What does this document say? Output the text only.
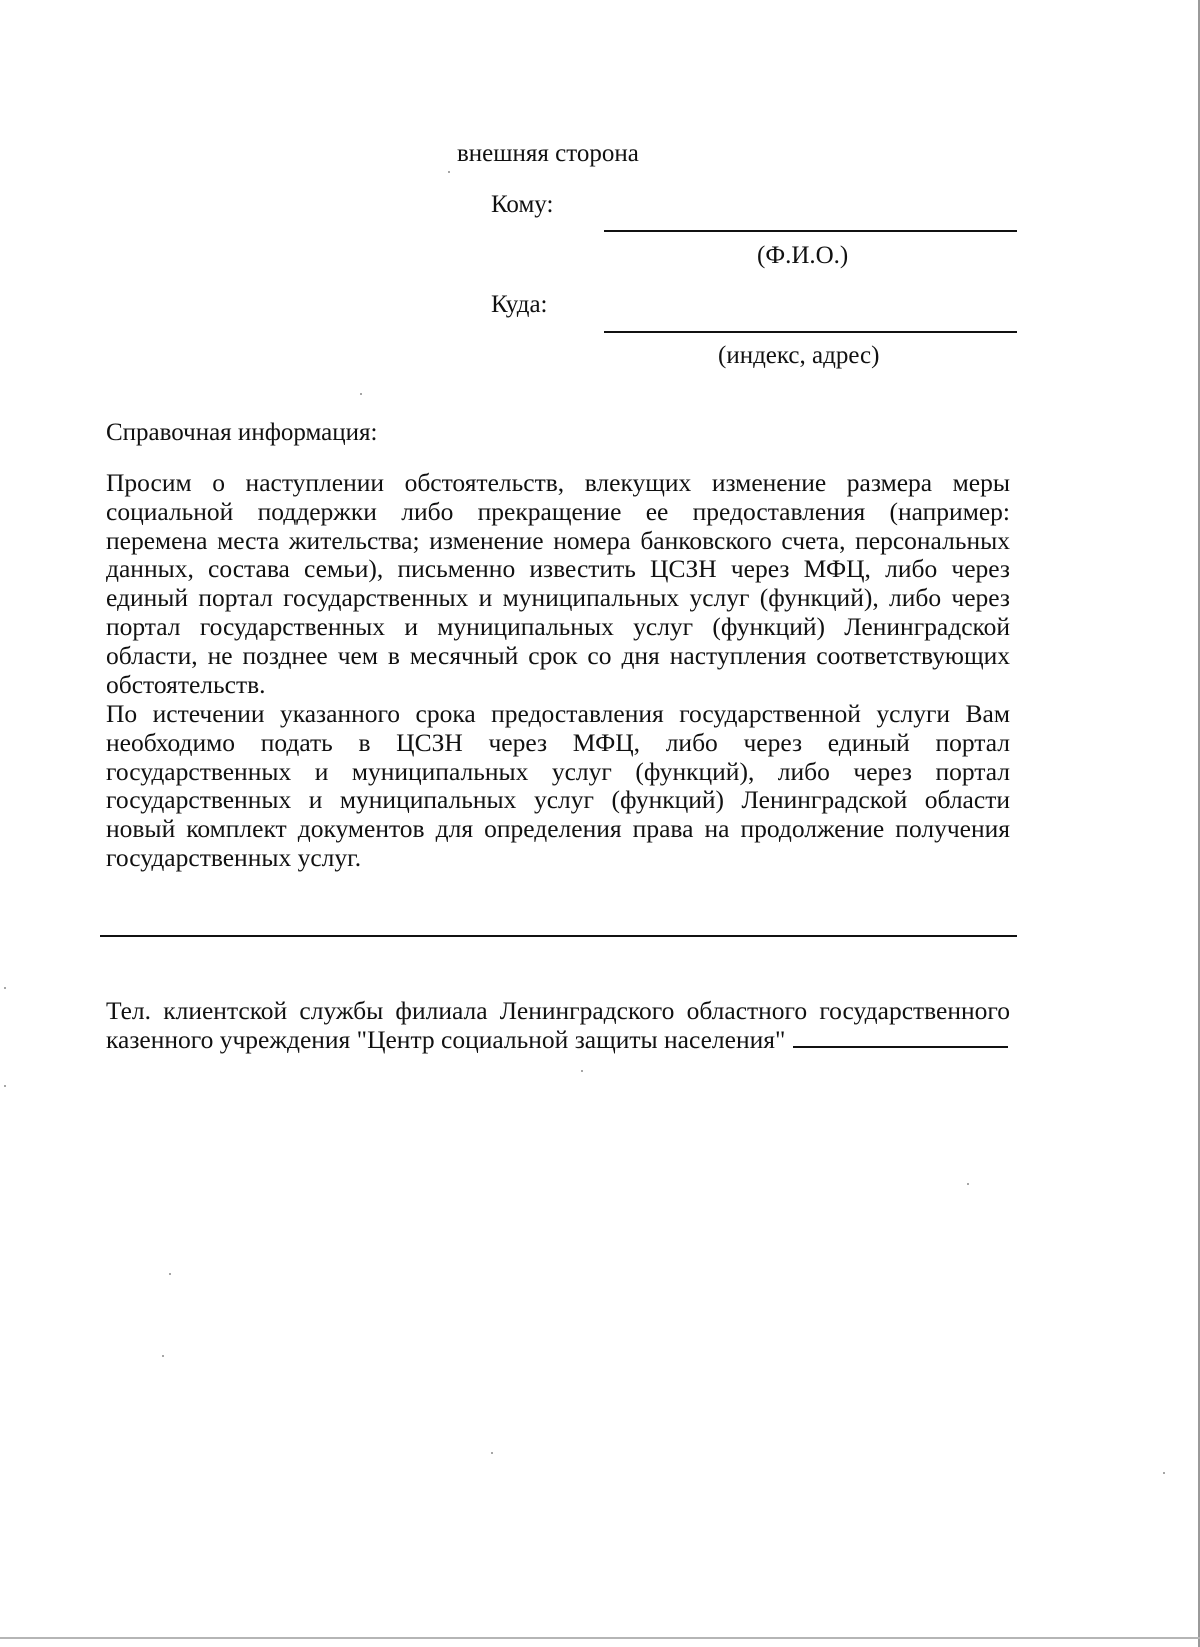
внешняя сторона
Кому:
(Ф.И.О.)
Куда:
(индекс, адрес)
Справочная информация:

Просим о наступлении обстоятельств, влекущих изменение размера меры социальной поддержки либо прекращение ее предоставления (например: перемена места жительства; изменение номера банковского счета, персональных данных, состава семьи), письменно известить ЦСЗН через МФЦ, либо через единый портал государственных и муниципальных услуг (функций), либо через портал государственных и муниципальных услуг (функций) Ленинградской области, не позднее чем в месячный срок со дня наступления соответствующих обстоятельств.

По истечении указанного срока предоставления государственной услуги Вам необходимо подать в ЦСЗН через МФЦ, либо через единый портал государственных и муниципальных услуг (функций), либо через портал государственных и муниципальных услуг (функций) Ленинградской области новый комплект документов для определения права на продолжение получения государственных услуг.

Тел. клиентской службы филиала Ленинградского областного государственного казенного учреждения "Центр социальной защиты населения"
